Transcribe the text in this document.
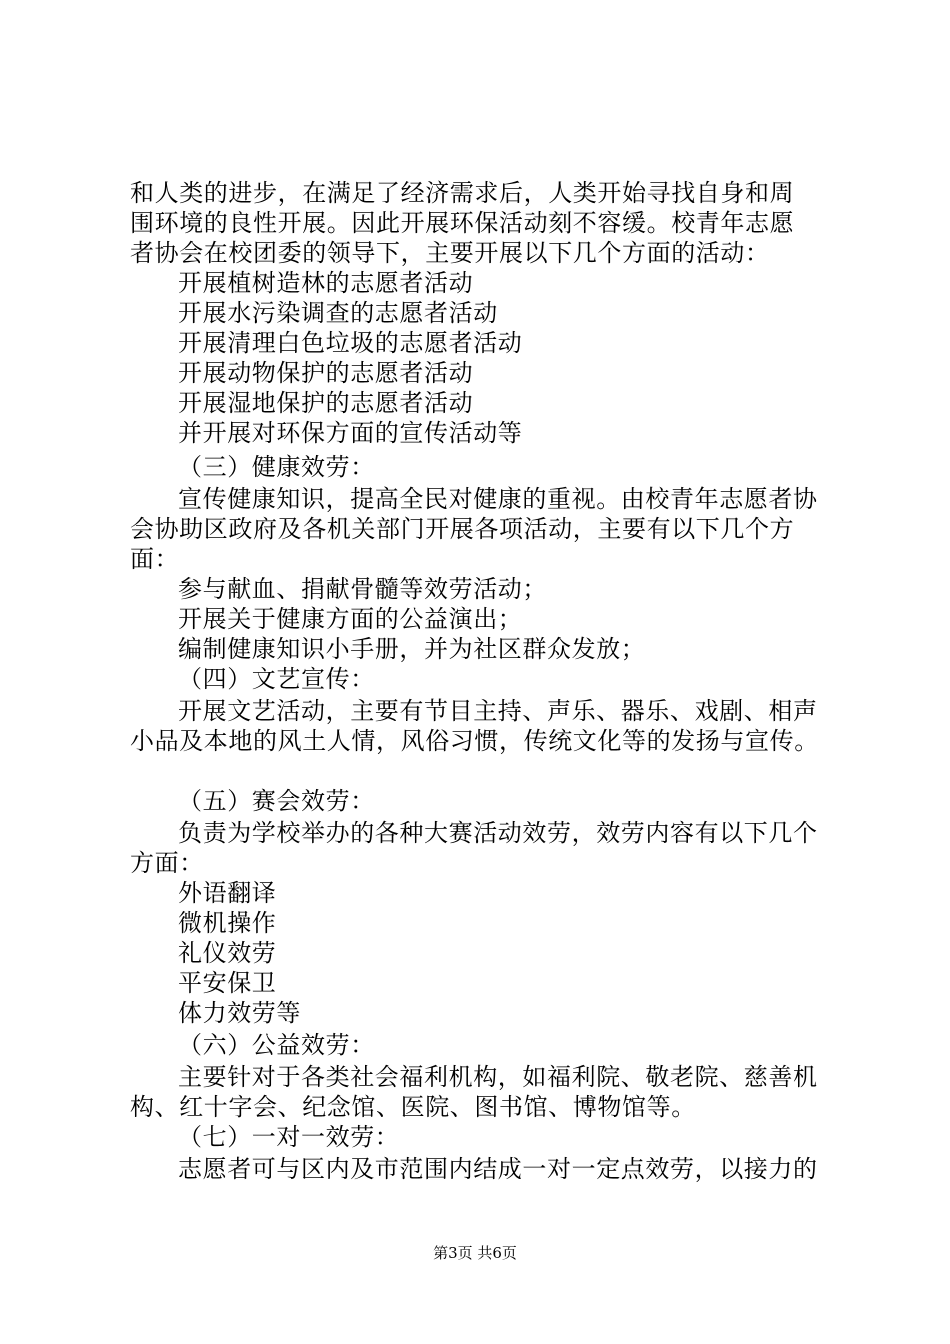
和人类的进步，在满足了经济需求后，人类开始寻找自身和周
围环境的良性开展。因此开展环保活动刻不容缓。校青年志愿
者协会在校团委的领导下，主要开展以下几个方面的活动：
开展植树造林的志愿者活动
开展水污染调查的志愿者活动
开展清理白色垃圾的志愿者活动
开展动物保护的志愿者活动
开展湿地保护的志愿者活动
并开展对环保方面的宣传活动等
（三）健康效劳：
宣传健康知识，提高全民对健康的重视。由校青年志愿者协
会协助区政府及各机关部门开展各项活动，主要有以下几个方
面：
参与献血、捐献骨髓等效劳活动；
开展关于健康方面的公益演出；
编制健康知识小手册，并为社区群众发放；
（四）文艺宣传：
开展文艺活动，主要有节目主持、声乐、器乐、戏剧、相声
小品及本地的风土人情，风俗习惯，传统文化等的发扬与宣传。
（五）赛会效劳：
负责为学校举办的各种大赛活动效劳，效劳内容有以下几个
方面：
外语翻译
微机操作
礼仪效劳
平安保卫
体力效劳等
（六）公益效劳：
主要针对于各类社会福利机构，如福利院、敬老院、慈善机
构、红十字会、纪念馆、医院、图书馆、博物馆等。
（七）一对一效劳：
志愿者可与区内及市范围内结成一对一定点效劳，以接力的
第3页 共6页
